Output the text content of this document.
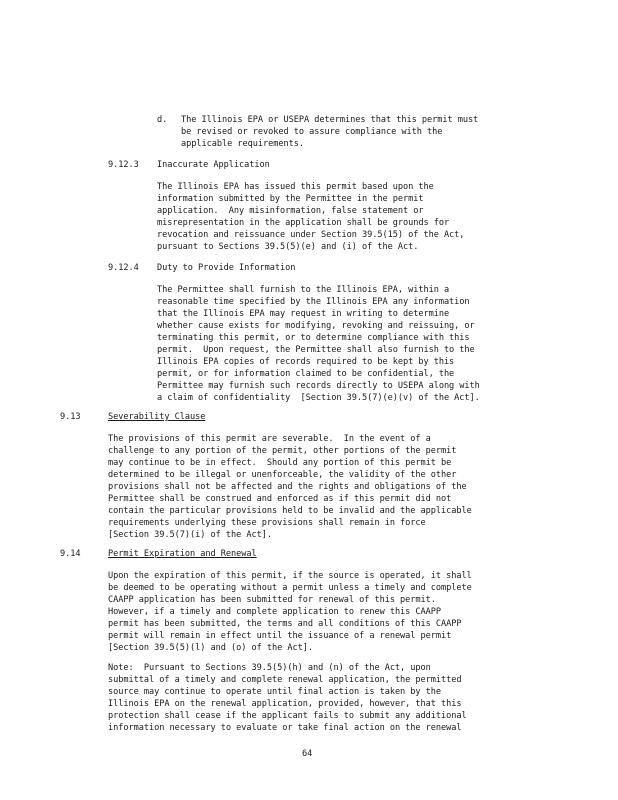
d. The Illinois EPA or USEPA determines that this permit must
be revised or revoked to assure compliance with the
applicable requirements.
9.12.3 Inaccurate Application
The Illinois EPA has issued this permit based upon the
information submitted by the Permittee in the permit
application.  Any misinformation, false statement or
misrepresentation in the application shall be grounds for
revocation and reissuance under Section 39.5(15) of the Act,
pursuant to Sections 39.5(5)(e) and (i) of the Act.
9.12.4 Duty to Provide Information
The Permittee shall furnish to the Illinois EPA, within a
reasonable time specified by the Illinois EPA any information
that the Illinois EPA may request in writing to determine
whether cause exists for modifying, revoking and reissuing, or
terminating this permit, or to determine compliance with this
permit.  Upon request, the Permittee shall also furnish to the
Illinois EPA copies of records required to be kept by this
permit, or for information claimed to be confidential, the
Permittee may furnish such records directly to USEPA along with
a claim of confidentiality  [Section 39.5(7)(e)(v) of the Act].
9.13	Severability Clause
The provisions of this permit are severable.  In the event of a
challenge to any portion of the permit, other portions of the permit
may continue to be in effect.  Should any portion of this permit be
determined to be illegal or unenforceable, the validity of the other
provisions shall not be affected and the rights and obligations of the
Permittee shall be construed and enforced as if this permit did not
contain the particular provisions held to be invalid and the applicable
requirements underlying these provisions shall remain in force
[Section 39.5(7)(i) of the Act].
9.14	Permit Expiration and Renewal
Upon the expiration of this permit, if the source is operated, it shall
be deemed to be operating without a permit unless a timely and complete
CAAPP application has been submitted for renewal of this permit.
However, if a timely and complete application to renew this CAAPP
permit has been submitted, the terms and all conditions of this CAAPP
permit will remain in effect until the issuance of a renewal permit
[Section 39.5(5)(l) and (o) of the Act].
Note:  Pursuant to Sections 39.5(5)(h) and (n) of the Act, upon
submittal of a timely and complete renewal application, the permitted
source may continue to operate until final action is taken by the
Illinois EPA on the renewal application, provided, however, that this
protection shall cease if the applicant fails to submit any additional
information necessary to evaluate or take final action on the renewal
64
